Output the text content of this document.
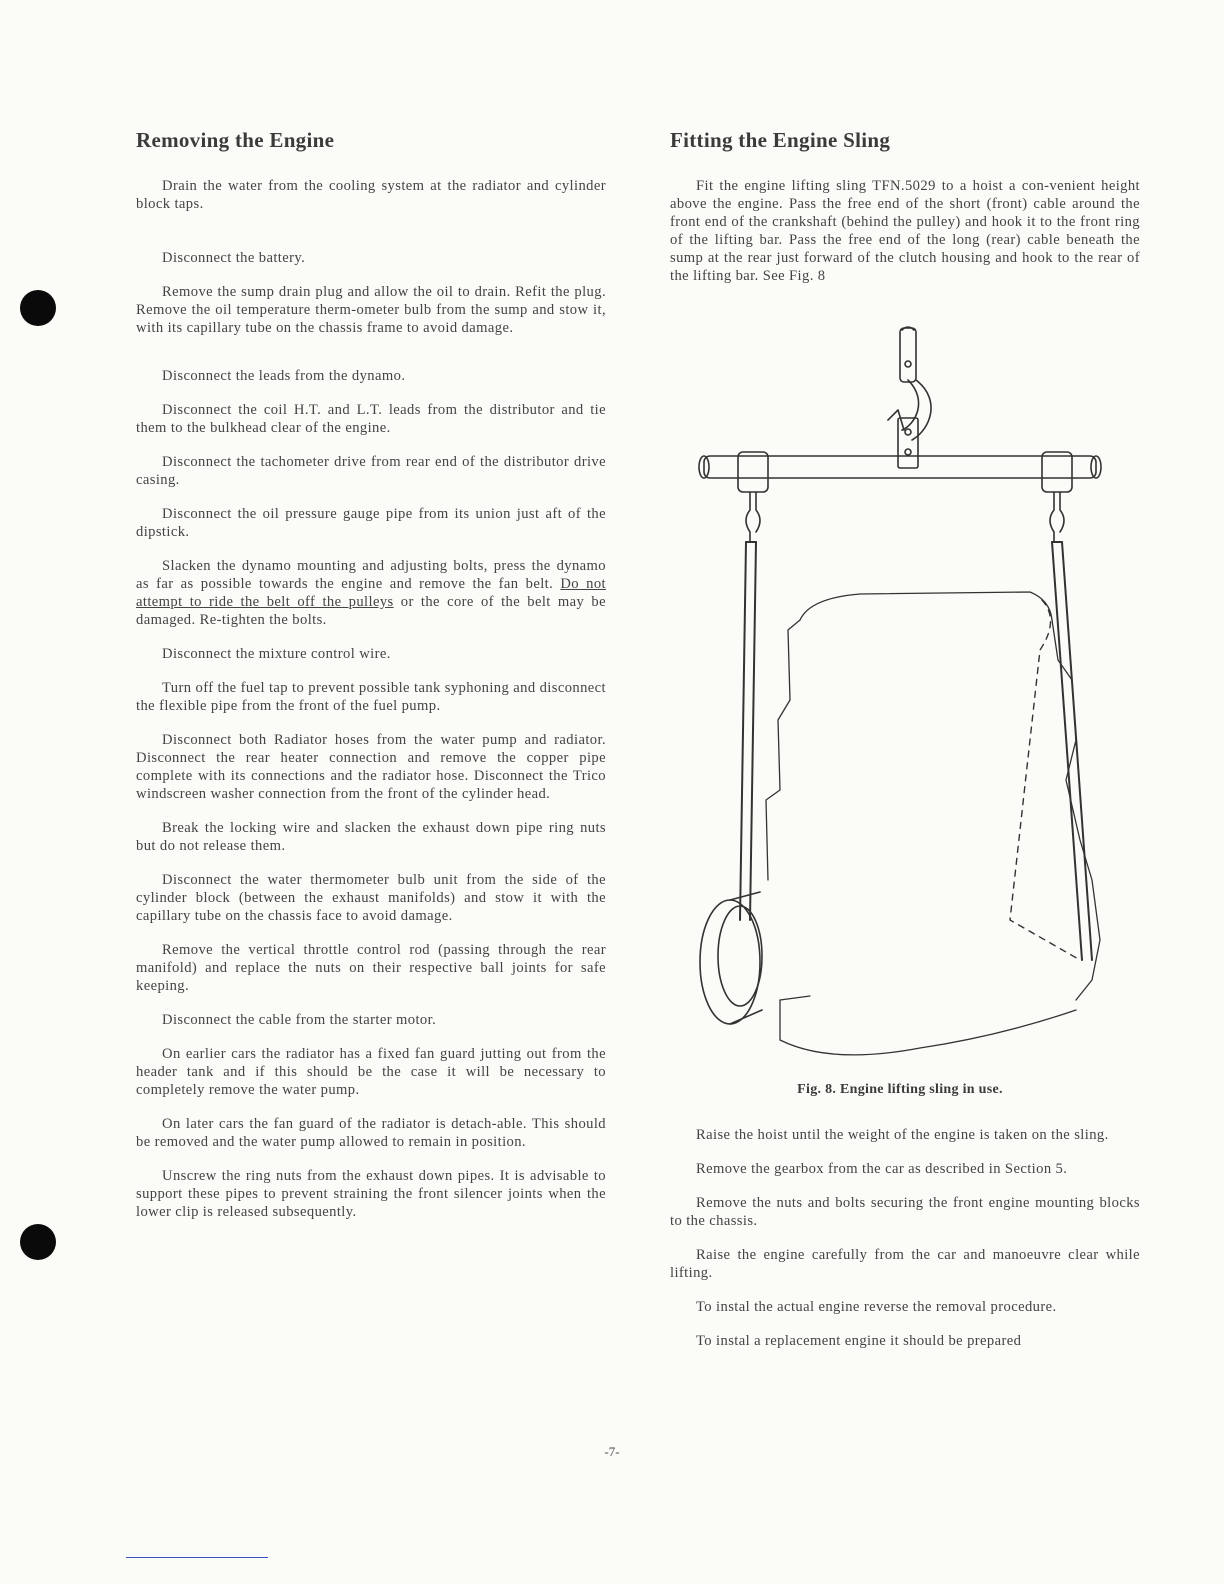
Removing the Engine

Drain the water from the cooling system at the radiator and cylinder block taps.

Disconnect the battery.

Remove the sump drain plug and allow the oil to drain. Refit the plug. Remove the oil temperature therm-ometer bulb from the sump and stow it, with its capillary tube on the chassis frame to avoid damage.

Disconnect the leads from the dynamo.

Disconnect the coil H.T. and L.T. leads from the distributor and tie them to the bulkhead clear of the engine.

Disconnect the tachometer drive from rear end of the distributor drive casing.

Disconnect the oil pressure gauge pipe from its union just aft of the dipstick.

Slacken the dynamo mounting and adjusting bolts, press the dynamo as far as possible towards the engine and remove the fan belt. Do not attempt to ride the belt off the pulleys or the core of the belt may be damaged. Re-tighten the bolts.

Disconnect the mixture control wire.

Turn off the fuel tap to prevent possible tank syphoning and disconnect the flexible pipe from the front of the fuel pump.

Disconnect both Radiator hoses from the water pump and radiator. Disconnect the rear heater connection and remove the copper pipe complete with its connections and the radiator hose. Disconnect the Trico windscreen washer connection from the front of the cylinder head.

Break the locking wire and slacken the exhaust down pipe ring nuts but do not release them.

Disconnect the water thermometer bulb unit from the side of the cylinder block (between the exhaust manifolds) and stow it with the capillary tube on the chassis face to avoid damage.

Remove the vertical throttle control rod (passing through the rear manifold) and replace the nuts on their respective ball joints for safe keeping.

Disconnect the cable from the starter motor.

On earlier cars the radiator has a fixed fan guard jutting out from the header tank and if this should be the case it will be necessary to completely remove the water pump.

On later cars the fan guard of the radiator is detach-able. This should be removed and the water pump allowed to remain in position.

Unscrew the ring nuts from the exhaust down pipes. It is advisable to support these pipes to prevent straining the front silencer joints when the lower clip is released subsequently.

Fitting the Engine Sling

Fit the engine lifting sling TFN.5029 to a hoist a con-venient height above the engine. Pass the free end of the short (front) cable around the front end of the crankshaft (behind the pulley) and hook it to the front ring of the lifting bar. Pass the free end of the long (rear) cable beneath the sump at the rear just forward of the clutch housing and hook to the rear of the lifting bar. See Fig. 8

Fig. 8. Engine lifting sling in use.

Raise the hoist until the weight of the engine is taken on the sling.

Remove the gearbox from the car as described in Section 5.

Remove the nuts and bolts securing the front engine mounting blocks to the chassis.

Raise the engine carefully from the car and manoeuvre clear while lifting.

To instal the actual engine reverse the removal procedure.

To instal a replacement engine it should be prepared

-7-
